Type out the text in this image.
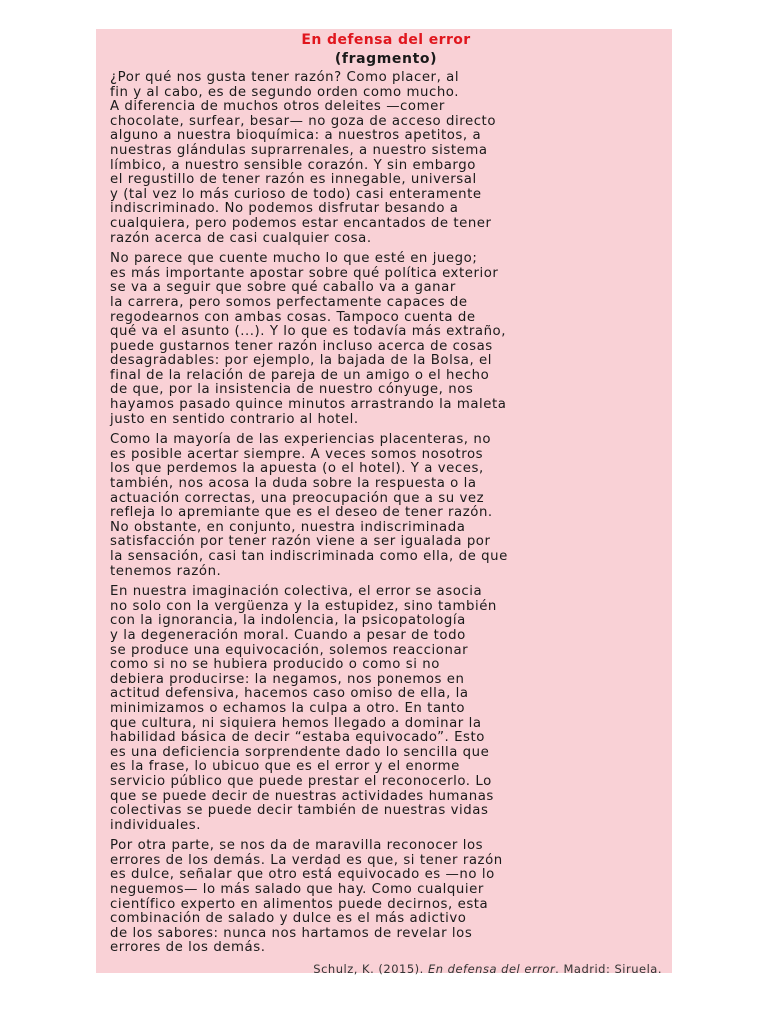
En defensa del error
(fragmento)

¿Por qué nos gusta tener razón? Como placer, al
fin y al cabo, es de segundo orden como mucho.
A diferencia de muchos otros deleites —comer
chocolate, surfear, besar— no goza de acceso directo
alguno a nuestra bioquímica: a nuestros apetitos, a
nuestras glándulas suprarrenales, a nuestro sistema
límbico, a nuestro sensible corazón. Y sin embargo
el regustillo de tener razón es innegable, universal
y (tal vez lo más curioso de todo) casi enteramente
indiscriminado. No podemos disfrutar besando a
cualquiera, pero podemos estar encantados de tener
razón acerca de casi cualquier cosa.

No parece que cuente mucho lo que esté en juego;
es más importante apostar sobre qué política exterior
se va a seguir que sobre qué caballo va a ganar
la carrera, pero somos perfectamente capaces de
regodearnos con ambas cosas. Tampoco cuenta de
qué va el asunto (...). Y lo que es todavía más extraño,
puede gustarnos tener razón incluso acerca de cosas
desagradables: por ejemplo, la bajada de la Bolsa, el
final de la relación de pareja de un amigo o el hecho
de que, por la insistencia de nuestro cónyuge, nos
hayamos pasado quince minutos arrastrando la maleta
justo en sentido contrario al hotel.

Como la mayoría de las experiencias placenteras, no
es posible acertar siempre. A veces somos nosotros
los que perdemos la apuesta (o el hotel). Y a veces,
también, nos acosa la duda sobre la respuesta o la
actuación correctas, una preocupación que a su vez
refleja lo apremiante que es el deseo de tener razón.
No obstante, en conjunto, nuestra indiscriminada
satisfacción por tener razón viene a ser igualada por
la sensación, casi tan indiscriminada como ella, de que
tenemos razón.

En nuestra imaginación colectiva, el error se asocia
no solo con la vergüenza y la estupidez, sino también
con la ignorancia, la indolencia, la psicopatología
y la degeneración moral. Cuando a pesar de todo
se produce una equivocación, solemos reaccionar
como si no se hubiera producido o como si no
debiera producirse: la negamos, nos ponemos en
actitud defensiva, hacemos caso omiso de ella, la
minimizamos o echamos la culpa a otro. En tanto
que cultura, ni siquiera hemos llegado a dominar la
habilidad básica de decir “estaba equivocado”. Esto
es una deficiencia sorprendente dado lo sencilla que
es la frase, lo ubicuo que es el error y el enorme
servicio público que puede prestar el reconocerlo. Lo
que se puede decir de nuestras actividades humanas
colectivas se puede decir también de nuestras vidas
individuales.

Por otra parte, se nos da de maravilla reconocer los
errores de los demás. La verdad es que, si tener razón
es dulce, señalar que otro está equivocado es —no lo
neguemos— lo más salado que hay. Como cualquier
científico experto en alimentos puede decirnos, esta
combinación de salado y dulce es el más adictivo
de los sabores: nunca nos hartamos de revelar los
errores de los demás.

Schulz, K. (2015). En defensa del error. Madrid: Siruela.
